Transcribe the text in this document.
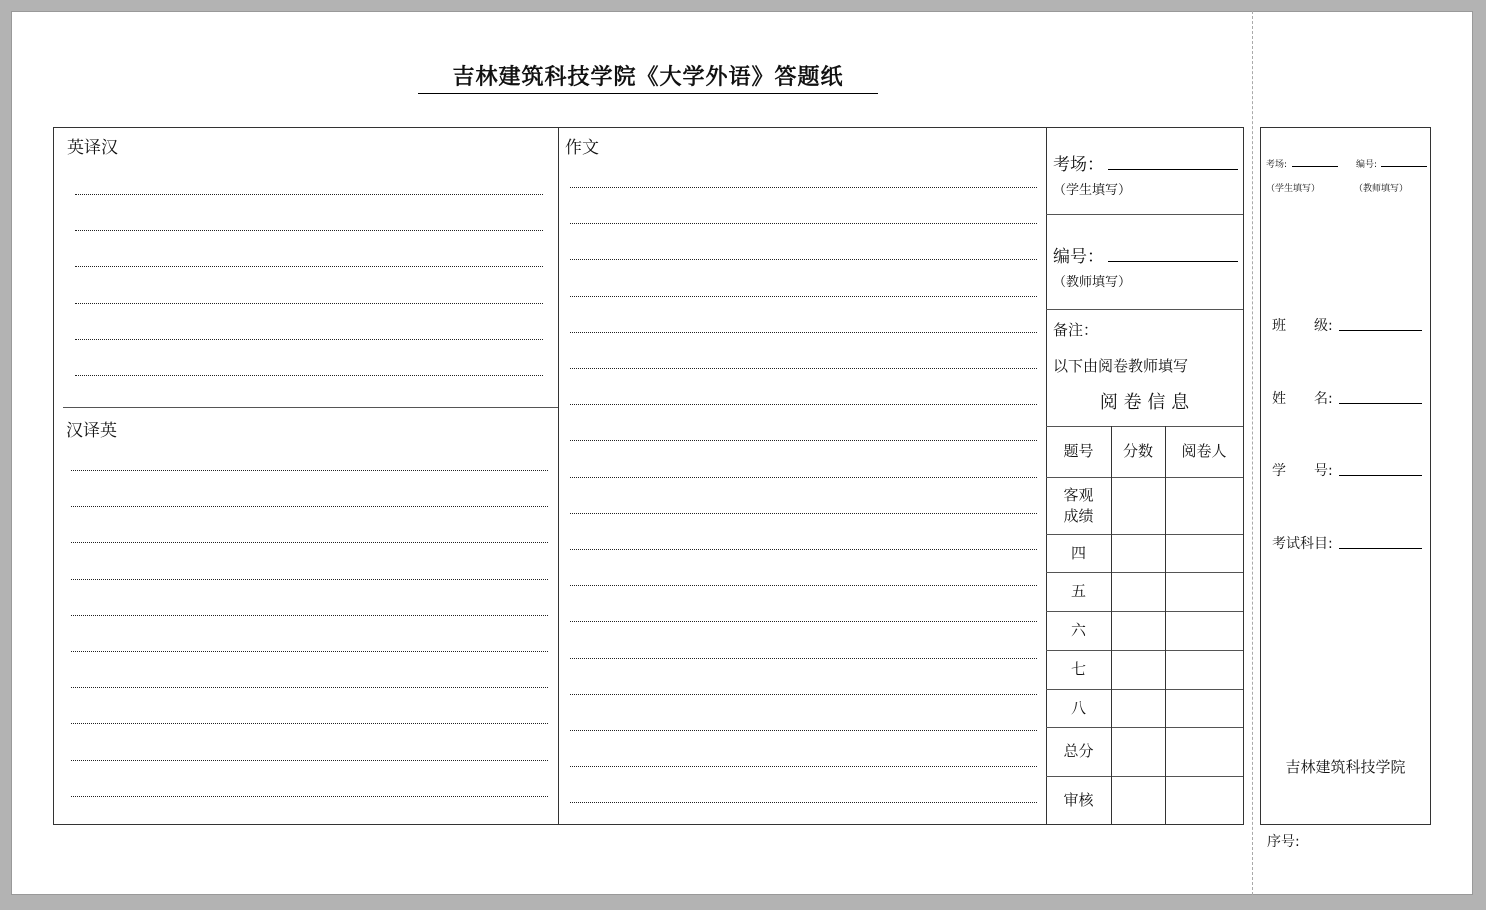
吉林建筑科技学院《大学外语》答题纸
英译汉
汉译英
作文
考场：
（学生填写）
编号：
（教师填写）
备注：
以下由阅卷教师填写
阅 卷 信 息
题号 分数 阅卷人
客观
成绩
四
五
六
七
八
总分
审核
考场:	编号:
（学生填写）	（教师填写）
班　　级:
姓　　名:
学　　号:
考试科目:
吉林建筑科技学院
序号:
